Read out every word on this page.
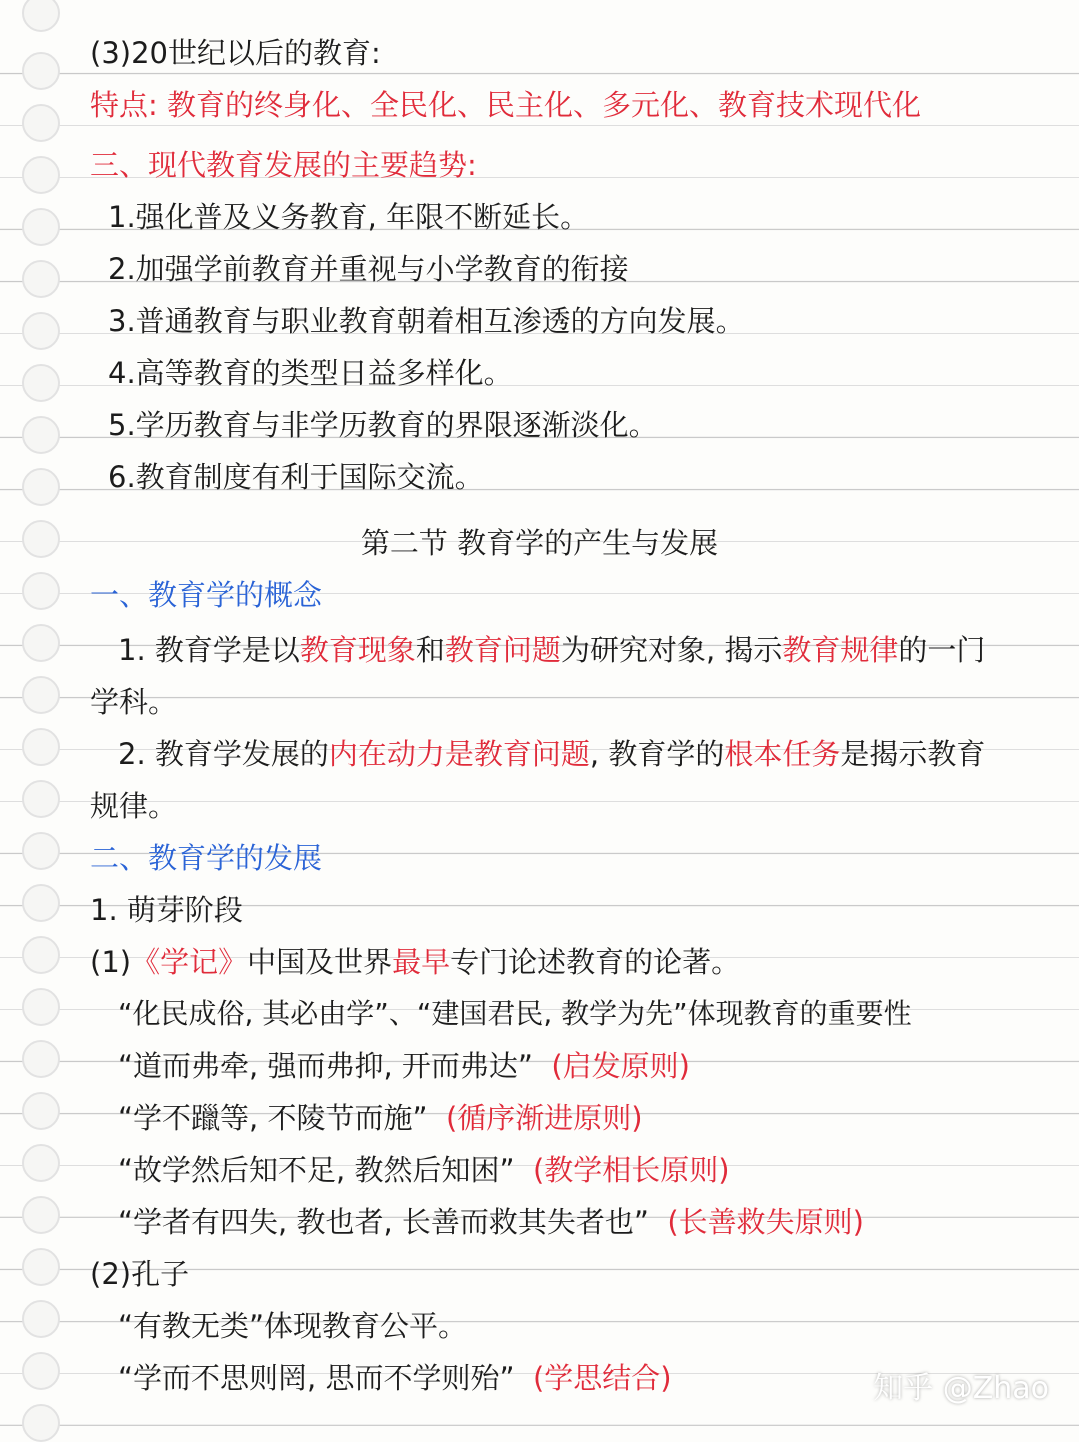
(3)20世纪以后的教育:
特点: 教育的终身化、全民化、民主化、多元化、教育技术现代化
三、现代教育发展的主要趋势:
1.强化普及义务教育, 年限不断延长。
2.加强学前教育并重视与小学教育的衔接
3.普通教育与职业教育朝着相互渗透的方向发展。
4.高等教育的类型日益多样化。
5.学历教育与非学历教育的界限逐渐淡化。
6.教育制度有利于国际交流。
第二节 教育学的产生与发展
一、教育学的概念
1. 教育学是以教育现象和教育问题为研究对象, 揭示教育规律的一门
学科。
2. 教育学发展的内在动力是教育问题, 教育学的根本任务是揭示教育
规律。
二、教育学的发展
1. 萌芽阶段
(1)《学记》中国及世界最早专门论述教育的论著。
“化民成俗, 其必由学”、“建国君民, 教学为先”体现教育的重要性
“道而弗牵, 强而弗抑, 开而弗达” (启发原则)
“学不躐等, 不陵节而施” (循序渐进原则)
“故学然后知不足, 教然后知困” (教学相长原则)
“学者有四失, 教也者, 长善而救其失者也” (长善救失原则)
(2)孔子
“有教无类”体现教育公平。
“学而不思则罔, 思而不学则殆” (学思结合)	知乎 @Zhao
